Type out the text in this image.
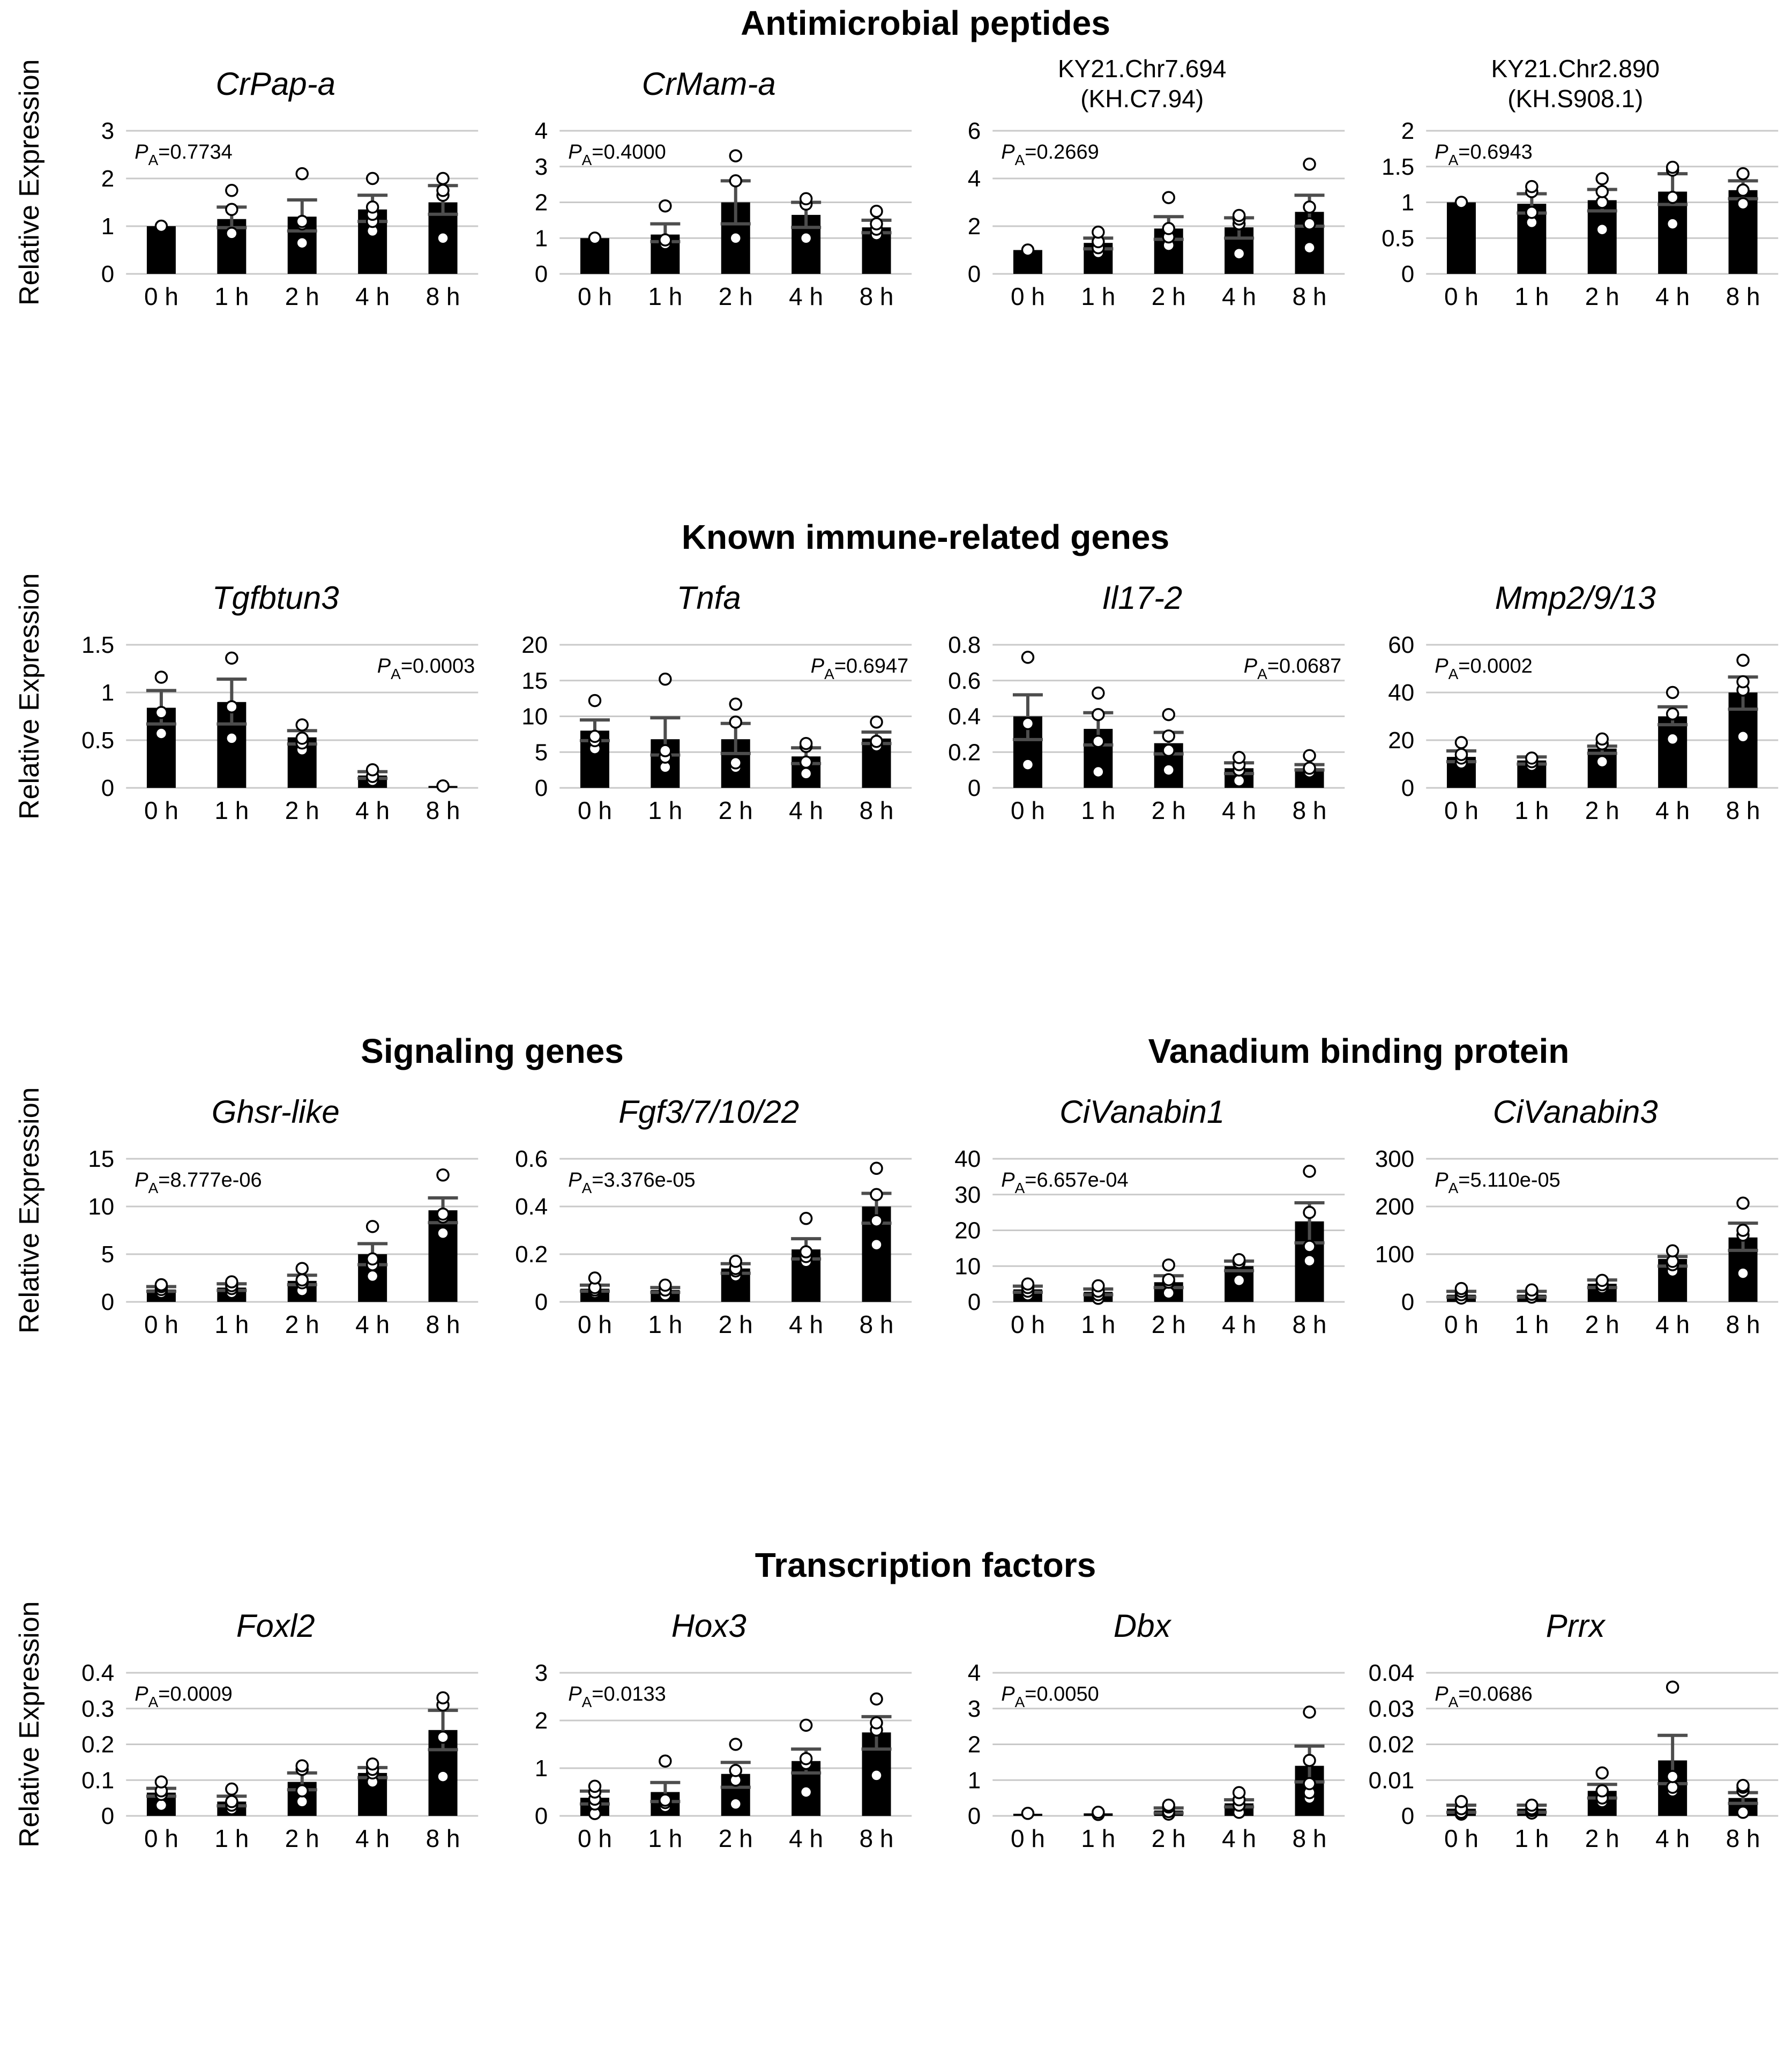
Relative Expression
Antimicrobial peptides
CrPap-a
0
1
2
3
0 h 1 h 2 h 4 h 8 h
$P_A=0.7734$
CrMam-a
0
1
2
3
4
0 h 1 h 2 h 4 h 8 h
$P_A=0.4000$
KY21.Chr7.694
(KH.C7.94)
0
2
4
6
0 h 1 h 2 h 4 h 8 h
$P_A=0.2669$
KY21.Chr2.890
(KH.S908.1)
0
0.5
1
1.5
2
0 h 1 h 2 h 4 h 8 h
$P_A=0.6943$
Relative Expression
Known immune-related genes
Tgfbtun3
0
0.5
1
1.5
0 h 1 h 2 h 4 h 8 h
$P_A=0.0003$
Tnfa
0
5
10
15
20
0 h 1 h 2 h 4 h 8 h
$P_A=0.6947$
Il17-2
0
0.2
0.4
0.6
0.8
0 h 1 h 2 h 4 h 8 h
$P_A=0.0687$
Mmp2/9/13
0
20
40
60
0 h 1 h 2 h 4 h 8 h
$P_A=0.0002$
Relative Expression
Signaling genes	Vanadium binding protein
Ghsr-like
0
5
10
15
0 h 1 h 2 h 4 h 8 h
$P_A=8.777e-06$
Fgf3/7/10/22
0
0.2
0.4
0.6
0 h 1 h 2 h 4 h 8 h
$P_A=3.376e-05$
CiVanabin1
0
10
20
30
40
0 h 1 h 2 h 4 h 8 h
$P_A=6.657e-04$
CiVanabin3
0
100
200
300
0 h 1 h 2 h 4 h 8 h
$P_A=5.110e-05$
Relative Expression
Transcription factors
Foxl2
0
0.1
0.2
0.3
0.4
0 h 1 h 2 h 4 h 8 h
$P_A=0.0009$
Hox3
0
1
2
3
0 h 1 h 2 h 4 h 8 h
$P_A=0.0133$
Dbx
0
1
2
3
4
0 h 1 h 2 h 4 h 8 h
$P_A=0.0050$
Prrx
0
0.01
0.02
0.03
0.04
0 h 1 h 2 h 4 h 8 h
$P_A=0.0686$
